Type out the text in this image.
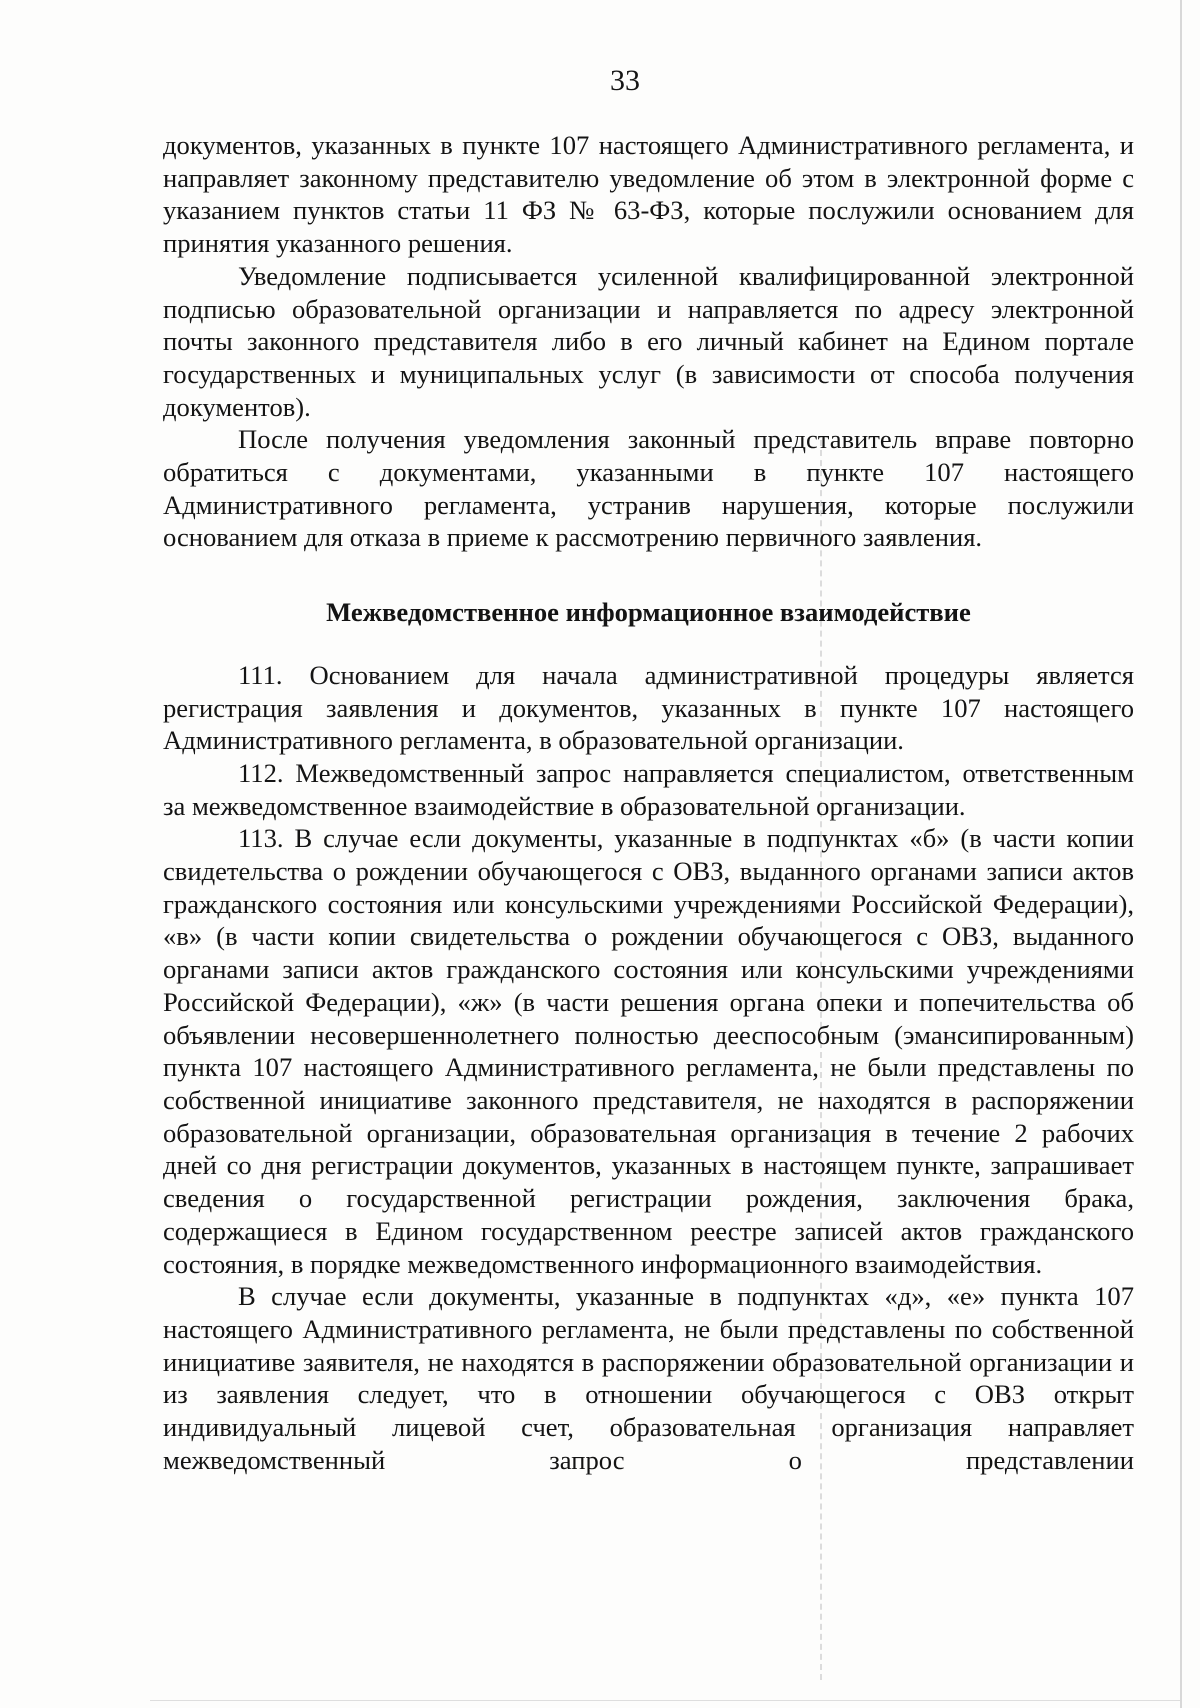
33

документов, указанных в пункте 107 настоящего Административного регламента, и направляет законному представителю уведомление об этом в электронной форме с указанием пунктов статьи 11 ФЗ № 63-ФЗ, которые послужили основанием для принятия указанного решения.

Уведомление подписывается усиленной квалифицированной электронной подписью образовательной организации и направляется по адресу электронной почты законного представителя либо в его личный кабинет на Едином портале государственных и муниципальных услуг (в зависимости от способа получения документов).

После получения уведомления законный представитель вправе повторно обратиться с документами, указанными в пункте 107 настоящего Административного регламента, устранив нарушения, которые послужили основанием для отказа в приеме к рассмотрению первичного заявления.

Межведомственное информационное взаимодействие

111. Основанием для начала административной процедуры является регистрация заявления и документов, указанных в пункте 107 настоящего Административного регламента, в образовательной организации.

112. Межведомственный запрос направляется специалистом, ответственным за межведомственное взаимодействие в образовательной организации.

113. В случае если документы, указанные в подпунктах «б» (в части копии свидетельства о рождении обучающегося с ОВЗ, выданного органами записи актов гражданского состояния или консульскими учреждениями Российской Федерации), «в» (в части копии свидетельства о рождении обучающегося с ОВЗ, выданного органами записи актов гражданского состояния или консульскими учреждениями Российской Федерации), «ж» (в части решения органа опеки и попечительства об объявлении несовершеннолетнего полностью дееспособным (эмансипированным) пункта 107 настоящего Административного регламента, не были представлены по собственной инициативе законного представителя, не находятся в распоряжении образовательной организации, образовательная организация в течение 2 рабочих дней со дня регистрации документов, указанных в настоящем пункте, запрашивает сведения о государственной регистрации рождения, заключения брака, содержащиеся в Едином государственном реестре записей актов гражданского состояния, в порядке межведомственного информационного взаимодействия.

В случае если документы, указанные в подпунктах «д», «е» пункта 107 настоящего Административного регламента, не были представлены по собственной инициативе заявителя, не находятся в распоряжении образовательной организации и из заявления следует, что в отношении обучающегося с ОВЗ открыт индивидуальный лицевой счет, образовательная организация направляет межведомственный запрос о представлении
